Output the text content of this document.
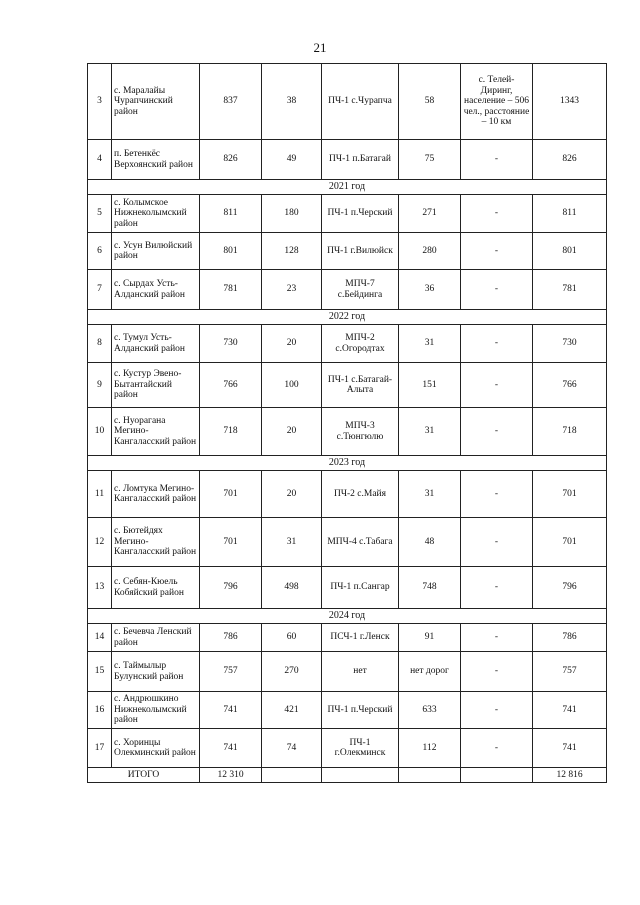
21
3	с. Маралайы Чурапчинский район	837	38	ПЧ-1 с.Чурапча	58	с. Телей-Диринг, население – 506 чел., расстояние – 10 км	1343
4	п. Бетенкёс Верхоянский район	826	49	ПЧ-1 п.Батагай	75	-	826
2021 год							
5	с. Колымское Нижнеколымский район	811	180	ПЧ-1 п.Черский	271	-	811
6	с. Усун Вилюйский район	801	128	ПЧ-1 г.Вилюйск	280	-	801
7	с. Сырдах Усть-Алданский район	781	23	МПЧ-7 с.Бейдинга	36	-	781
2022 год							
8	с. Тумул Усть-Алданский район	730	20	МПЧ-2 с.Огородтах	31	-	730
9	с. Кустур Эвено-Бытантайский район	766	100	ПЧ-1 с.Батагай-Алыта	151	-	766
10	с. Нуорагана Мегино-Кангаласский район	718	20	МПЧ-3 с.Тюнгюлю	31	-	718
2023 год							
11	с. Ломтука Мегино-Кангаласский район	701	20	ПЧ-2 с.Майя	31	-	701
12	с. Бютейдях Мегино-Кангаласский район	701	31	МПЧ-4 с.Табага	48	-	701
13	с. Себян-Кюель Кобяйский район	796	498	ПЧ-1 п.Сангар	748	-	796
2024 год							
14	с. Бечевча Ленский район	786	60	ПСЧ-1 г.Ленск	91	-	786
15	с. Таймылыр Булунский район	757	270	нет	нет дорог	-	757
16	с. Андрюшкино Нижнеколымский район	741	421	ПЧ-1 п.Черский	633	-	741
17	с. Хоринцы Олекминский район	741	74	ПЧ-1 г.Олекминск	112	-	741
ИТОГО		12 310					12 816
